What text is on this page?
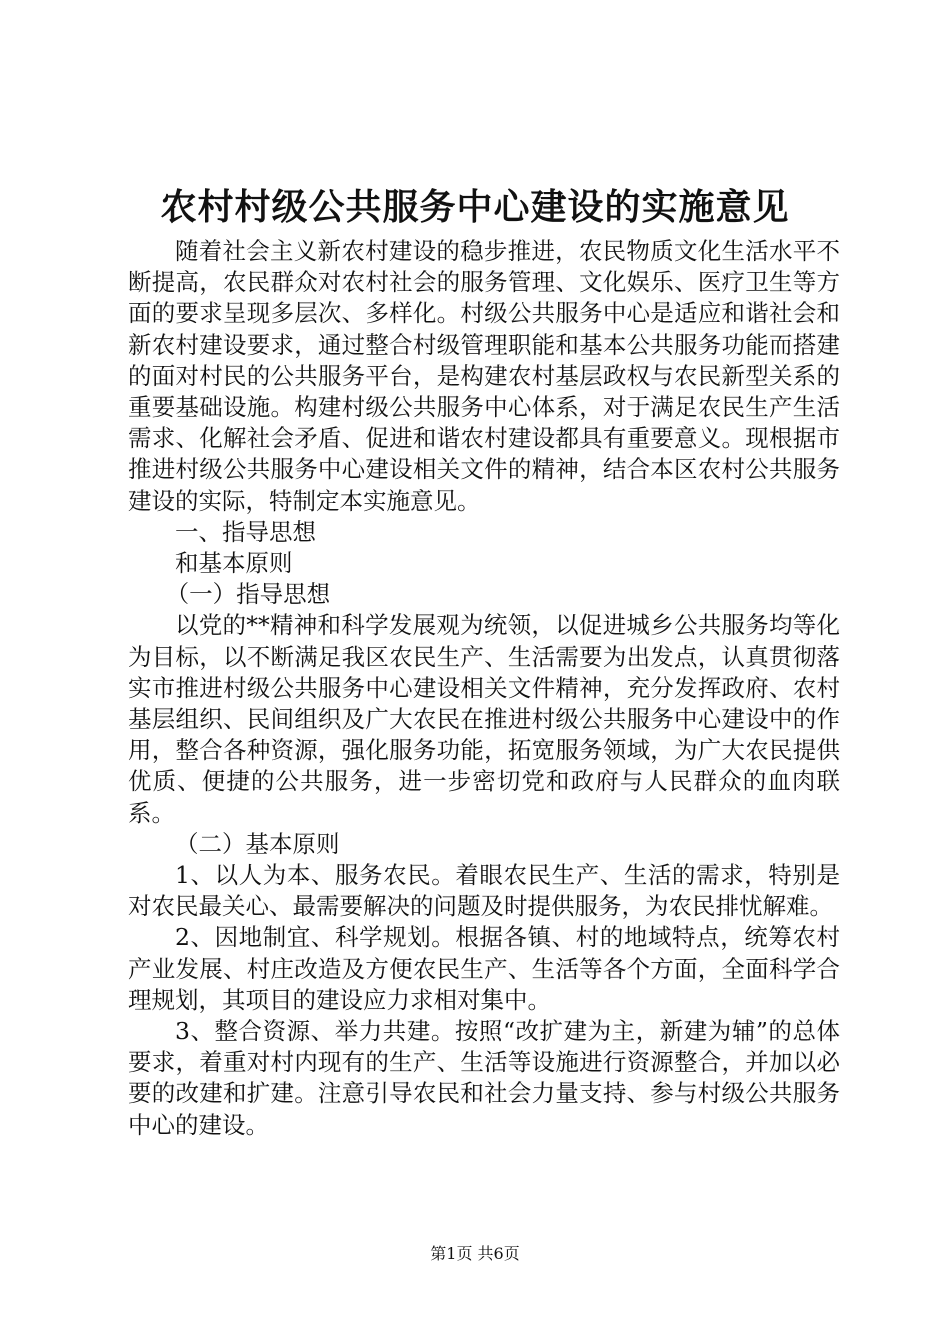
农村村级公共服务中心建设的实施意见

随着社会主义新农村建设的稳步推进，农民物质文化生活水平不断提高，农民群众对农村社会的服务管理、文化娱乐、医疗卫生等方面的要求呈现多层次、多样化。村级公共服务中心是适应和谐社会和新农村建设要求，通过整合村级管理职能和基本公共服务功能而搭建的面对村民的公共服务平台，是构建农村基层政权与农民新型关系的重要基础设施。构建村级公共服务中心体系，对于满足农民生产生活需求、化解社会矛盾、促进和谐农村建设都具有重要意义。现根据市推进村级公共服务中心建设相关文件的精神，结合本区农村公共服务建设的实际，特制定本实施意见。

一、指导思想

和基本原则

（一）指导思想

以党的**精神和科学发展观为统领，以促进城乡公共服务均等化为目标，以不断满足我区农民生产、生活需要为出发点，认真贯彻落实市推进村级公共服务中心建设相关文件精神，充分发挥政府、农村基层组织、民间组织及广大农民在推进村级公共服务中心建设中的作用，整合各种资源，强化服务功能，拓宽服务领域，为广大农民提供优质、便捷的公共服务，进一步密切党和政府与人民群众的血肉联系。

（二）基本原则

1、以人为本、服务农民。着眼农民生产、生活的需求，特别是对农民最关心、最需要解决的问题及时提供服务，为农民排忧解难。

2、因地制宜、科学规划。根据各镇、村的地域特点，统筹农村产业发展、村庄改造及方便农民生产、生活等各个方面，全面科学合理规划，其项目的建设应力求相对集中。

3、整合资源、举力共建。按照“改扩建为主，新建为辅”的总体要求，着重对村内现有的生产、生活等设施进行资源整合，并加以必要的改建和扩建。注意引导农民和社会力量支持、参与村级公共服务中心的建设。

第1页 共6页
